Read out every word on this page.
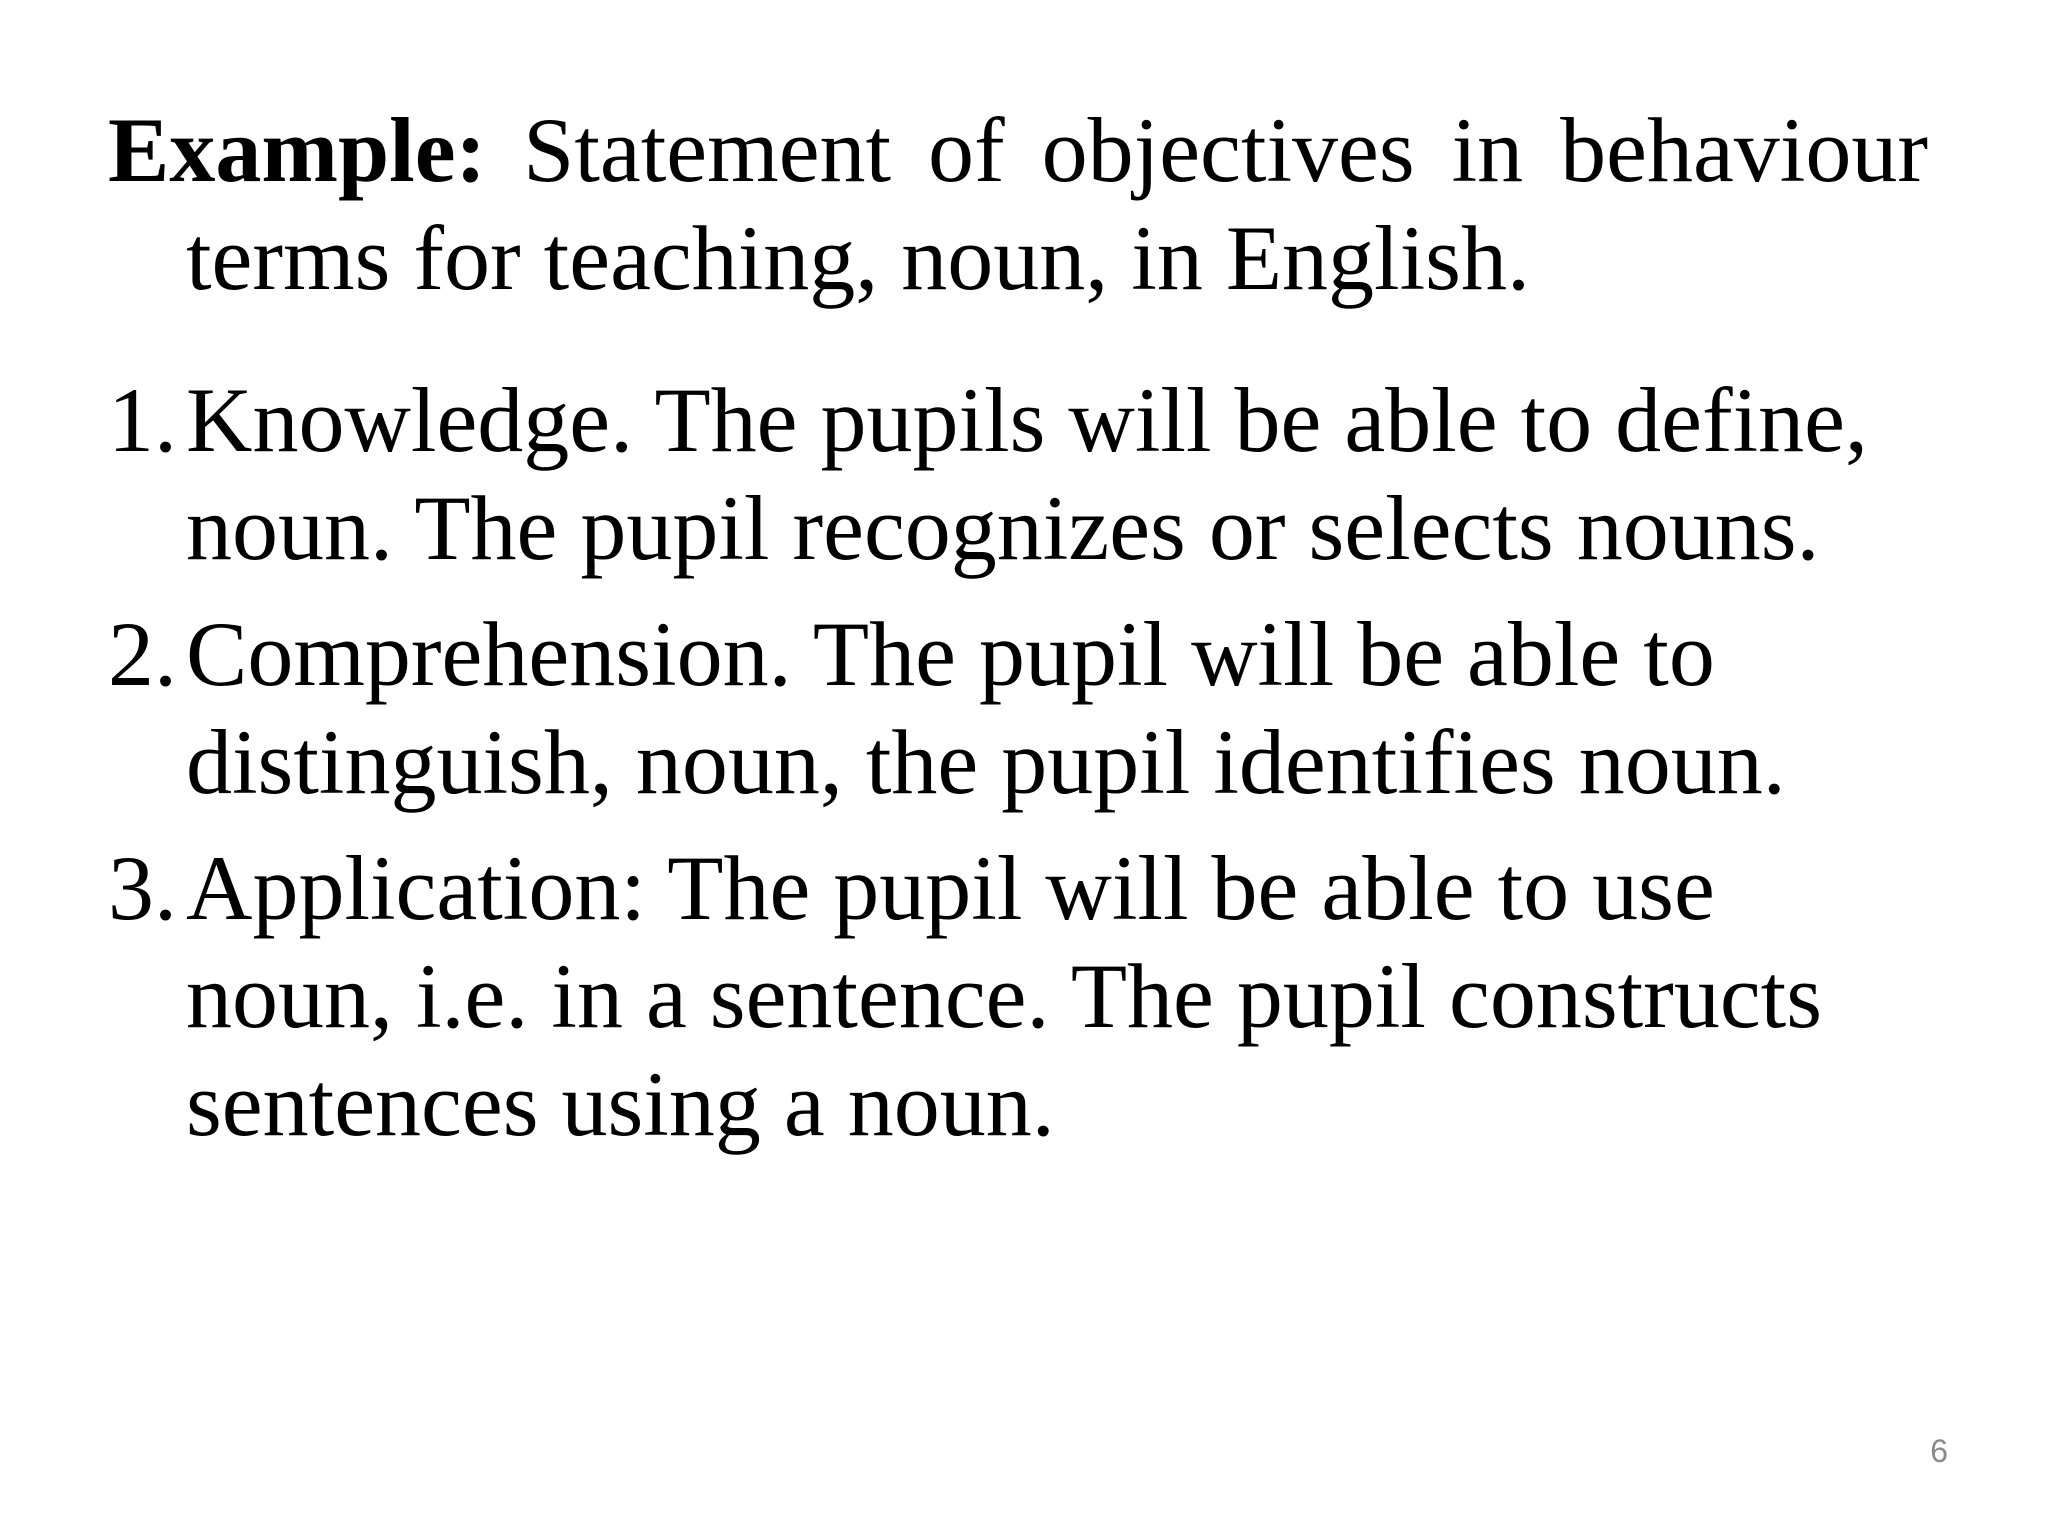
Example: Statement of objectives in behaviour terms for teaching, noun, in English.

1. Knowledge. The pupils will be able to define, noun. The pupil recognizes or selects nouns.
2. Comprehension. The pupil will be able to distinguish, noun, the pupil identifies noun.
3. Application: The pupil will be able to use noun, i.e. in a sentence. The pupil constructs sentences using a noun.
6
